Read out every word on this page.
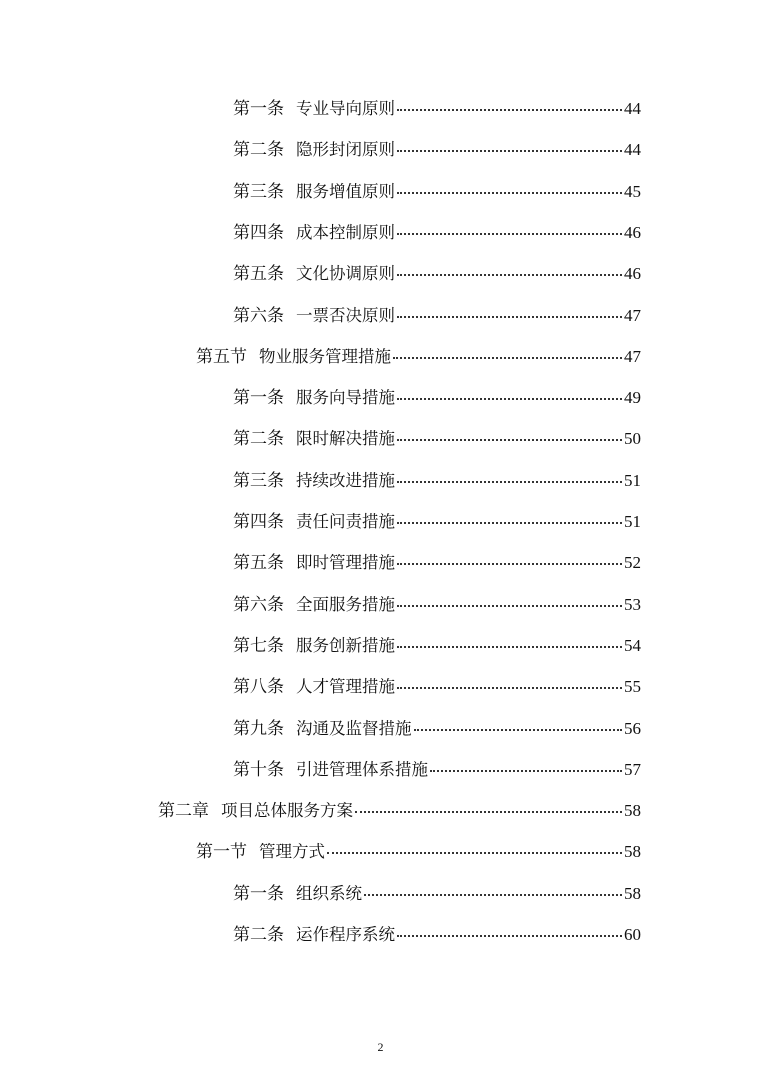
第一条 专业导向原则	44
第二条 隐形封闭原则	44
第三条 服务增值原则	45
第四条 成本控制原则	46
第五条 文化协调原则	46
第六条 一票否决原则	47
第五节 物业服务管理措施	47
第一条 服务向导措施	49
第二条 限时解决措施	50
第三条 持续改进措施	51
第四条 责任问责措施	51
第五条 即时管理措施	52
第六条 全面服务措施	53
第七条 服务创新措施	54
第八条 人才管理措施	55
第九条 沟通及监督措施	56
第十条 引进管理体系措施	57
第二章 项目总体服务方案	58
第一节 管理方式	58
第一条 组织系统	58
第二条 运作程序系统	60
2
